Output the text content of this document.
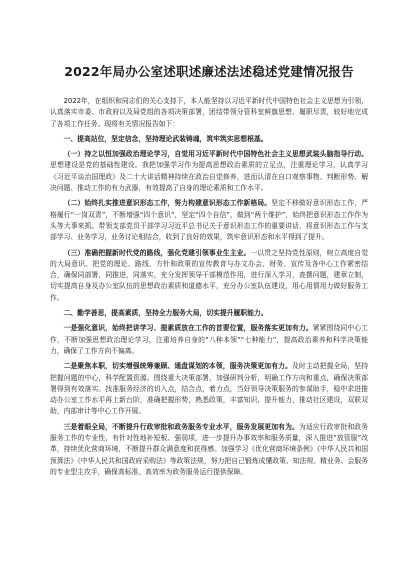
2022年局办公室述职述廉述法述稳述党建情况报告

2022年，在组织和同志们的关心支持下，本人能坚持以习近平新时代中国特色社会主义思想为引领，认真落实市委、市政府以及局党组的各项决策部署，团结带领分管科室鲜旗思想、履职尽责，较好地完成了各项工作任务。现将有关情况报告如下：

一、提高站位，坚定信念，坚持理论武装铸魂，筑牢筑实思想根基。

（一）持之以恒加强政治理论学习，自觉用习近平新时代中国特色社会主义思想武装头脑指导行动。思想建设是党的基础性建设。我把加强学习作为提高思想政治素质的立足点，注重理论学习，认真学习《习近平谈治国理政》及二十大讲话精神持续在政治自觉修养，进而认清在自口观察事物、判断形势、解决问题、推动工作的有力武器，有效提高了自身的理论素质和工作水平。

（二）始终扎实推进意识形态工作，努力构建意识形态工作新格局。坚定不移做好意识形态工作，严格履行“一岗双责”，不断增强“四个意识”，坚定“四个自信”，做到“两个维护”，始终把意识形态工作作为头等大事来抓。带领支部党员干部学习习近平总书记关于意识形态工作的重要讲话，将意识形态工作与支部学习、业务学习，业务讨论相结合，收到了良好的效果，筑牢意识形态和水平得到了提升。

（三）准确把握新时代党的路线，强化党建引领事业生主业。一以贯之坚持党性原则，树立高度自觉的大局意识、把党的理论、路线、方针和政策的宣传教育与办文办会、财务、宣传及各中心工作紧密结合，确保同部署，同推进，同落实，充分发挥领导干部模范作用，进行深入学习，查摆问题，建章立制，切实提高自身及办公室队伍的思想政治素质和道德水平，充分办公室队伍建设，用心用情用力做好服务工作。

二、勤学善思，提高素质，坚持全力服务大局，切实提升履职能力。

一是强化意识，始终把讲学习、提素质放在工作的首要位置，服务落实更加有力。紧紧围绕同中心工作，不断加强思想政治理论学习，注重培养自身的“八种本领”“七种能力”，提高政治素养和科学决策能力，确保了工作方向不偏离。

二是聚焦本职，切实增强统筹兼顾、通盘谋划的本领，服务决策更加有力。及时主动把握全局，坚持把握问题的中心，科学配置资源。围绕重大决策部署，加强研判分析，明确工作方向和重点，确保决策部署得到有效落实。找准服务经济的切入点，结合点，着力点，当好领导决策服务的参谋助手，稳中求进推动办公室工作水平再上新台阶，准确把握形势，熟悉政策，丰富知识，提升能力，推动社区建设，双联双助，内部审计等中心工作开展。

三是着眼全局，不断提升行政审批和政务服务专业水平，服务发展更加有为。为适应行政审批和政务服务工作的专业性，有针对性地补短板、强弱项，进一步提升办事效率和服务质量，深入推进“放管服”改革，持续优化营商环境，不断提升群众满意度和获得感。加强学习《优化营商环境条例》《中华人民共和国预算法》《中华人民共和国政府采购法》等政策法规，努力把自己锻炼成懂政策、知法规、精业务、会服务的专业型主攻手，确保高标准、高效率为政务服务运行提供保障。
